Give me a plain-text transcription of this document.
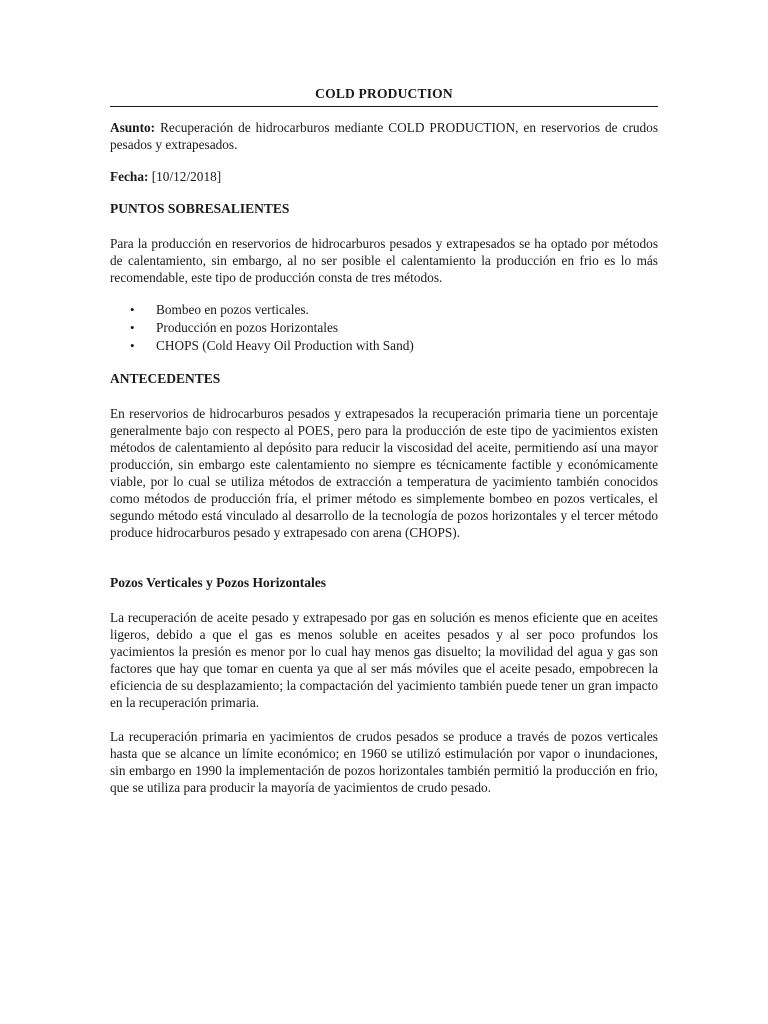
COLD PRODUCTION

Asunto: Recuperación de hidrocarburos mediante COLD PRODUCTION, en reservorios de crudos pesados y extrapesados.

Fecha: [10/12/2018]

PUNTOS SOBRESALIENTES

Para la producción en reservorios de hidrocarburos pesados y extrapesados se ha optado por métodos de calentamiento, sin embargo, al no ser posible el calentamiento la producción en frio es lo más recomendable, este tipo de producción consta de tres métodos.

• Bombeo en pozos verticales.
• Producción en pozos Horizontales
• CHOPS (Cold Heavy Oil Production with Sand)
ANTECEDENTES

En reservorios de hidrocarburos pesados y extrapesados la recuperación primaria tiene un porcentaje generalmente bajo con respecto al POES, pero para la producción de este tipo de yacimientos existen métodos de calentamiento al depósito para reducir la viscosidad del aceite, permitiendo así una mayor producción, sin embargo este calentamiento no siempre es técnicamente factible y económicamente viable, por lo cual se utiliza métodos de extracción a temperatura de yacimiento también conocidos como métodos de producción fría, el primer método es simplemente bombeo en pozos verticales, el segundo método está vinculado al desarrollo de la tecnología de pozos horizontales y el tercer método produce hidrocarburos pesado y extrapesado con arena (CHOPS).

Pozos Verticales y Pozos Horizontales

La recuperación de aceite pesado y extrapesado por gas en solución es menos eficiente que en aceites ligeros, debido a que el gas es menos soluble en aceites pesados y al ser poco profundos los yacimientos la presión es menor por lo cual hay menos gas disuelto; la movilidad del agua y gas son factores que hay que tomar en cuenta ya que al ser más móviles que el aceite pesado, empobrecen la eficiencia de su desplazamiento; la compactación del yacimiento también puede tener un gran impacto en la recuperación primaria.

La recuperación primaria en yacimientos de crudos pesados se produce a través de pozos verticales hasta que se alcance un límite económico; en 1960 se utilizó estimulación por vapor o inundaciones, sin embargo en 1990 la implementación de pozos horizontales también permitió la producción en frio, que se utiliza para producir la mayoría de yacimientos de crudo pesado.
